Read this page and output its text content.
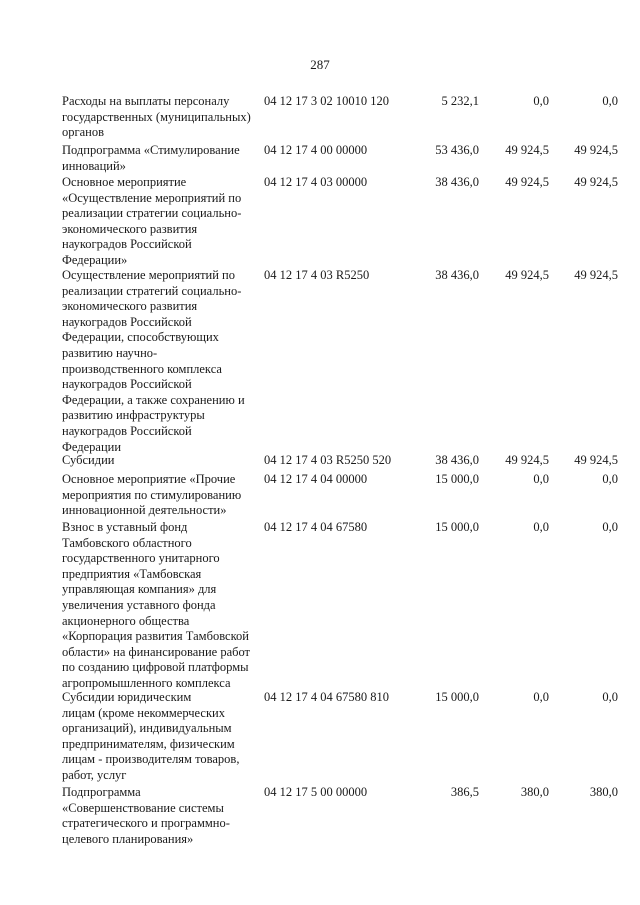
287
Расходы на выплаты персоналу
государственных (муниципальных)
органов
04 12 17 3 02 10010 120	5 232,1	0,0	0,0
Подпрограмма «Стимулирование
инноваций»
04 12 17 4 00 00000	53 436,0	49 924,5	49 924,5
Основное мероприятие
«Осуществление мероприятий по
реализации стратегии социально-
экономического развития
наукоградов Российской
Федерации»
04 12 17 4 03 00000	38 436,0	49 924,5	49 924,5
Осуществление мероприятий по
реализации стратегий социально-
экономического развития
наукоградов Российской
Федерации, способствующих
развитию научно-
производственного комплекса
наукоградов Российской
Федерации, а также сохранению и
развитию инфраструктуры
наукоградов Российской
Федерации
04 12 17 4 03 R5250	38 436,0	49 924,5	49 924,5
Субсидии	04 12 17 4 03 R5250 520	38 436,0	49 924,5	49 924,5
Основное мероприятие «Прочие
мероприятия по стимулированию
инновационной деятельности»
04 12 17 4 04 00000	15 000,0	0,0	0,0
Взнос в уставный фонд
Тамбовского областного
государственного унитарного
предприятия «Тамбовская
управляющая компания» для
увеличения уставного фонда
акционерного общества
«Корпорация развития Тамбовской
области» на финансирование работ
по созданию цифровой платформы
агропромышленного комплекса
04 12 17 4 04 67580	15 000,0	0,0	0,0
Субсидии юридическим
лицам (кроме некоммерческих
организаций), индивидуальным
предпринимателям, физическим
лицам - производителям товаров,
работ, услуг
04 12 17 4 04 67580 810	15 000,0	0,0	0,0
Подпрограмма
«Совершенствование системы
стратегического и программно-
целевого планирования»
04 12 17 5 00 00000	386,5	380,0	380,0
